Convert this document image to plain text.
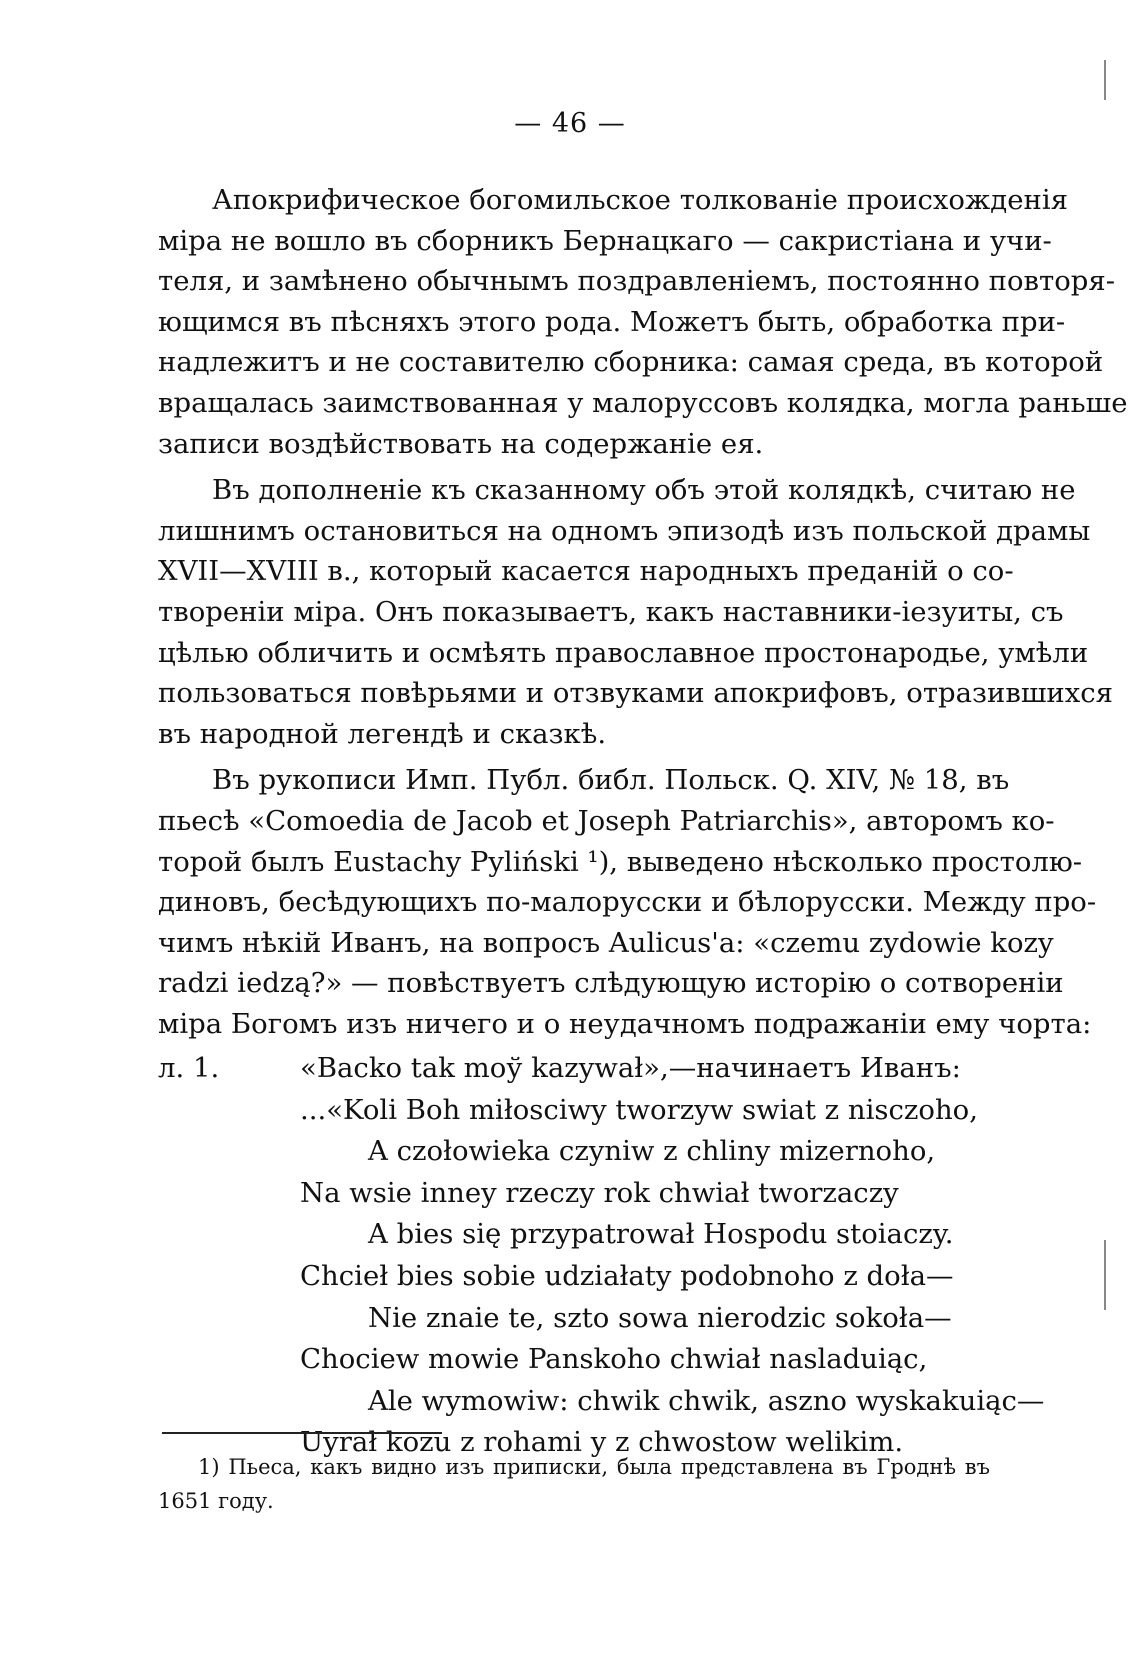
— 46 —
Апокрифическое богомильское толкованіе происхожденія
міра не вошло въ сборникъ Бернацкаго — сакристіана и учи-
теля, и замѣнено обычнымъ поздравленіемъ, постоянно повторя-
ющимся въ пѣсняхъ этого рода. Можетъ быть, обработка при-
надлежитъ и не составителю сборника: самая среда, въ которой
вращалась заимствованная у малоруссовъ колядка, могла раньше
записи воздѣйствовать на содержаніе ея.
Въ дополненіе къ сказанному объ этой колядкѣ, считаю не
лишнимъ остановиться на одномъ эпизодѣ изъ польской драмы
XVII—XVIII в., который касается народныхъ преданій о со-
твореніи міра. Онъ показываетъ, какъ наставники-іезуиты, съ
цѣлью обличить и осмѣять православное простонародье, умѣли
пользоваться повѣрьями и отзвуками апокрифовъ, отразившихся
въ народной легендѣ и сказкѣ.
Въ рукописи Имп. Публ. библ. Польск. Q. XIV, № 18, въ
пьесѣ «Comoedia de Jacob et Joseph Patriarchis», авторомъ ко-
торой былъ Eustachy Pyliński ¹), выведено нѣсколько простолю-
диновъ, бесѣдующихъ по-малорусски и бѣлорусски. Между про-
чимъ нѣкій Иванъ, на вопросъ Aulicus'а: «czemu zydowie kozy
radzi iedzą?» — повѣствуетъ слѣдующую исторію о сотвореніи
міра Богомъ изъ ничего и о неудачномъ подражаніи ему чорта:
л. 1.	«Backo tak moў kazywał»,—начинаетъ Иванъ:
...«Koli Boh miłosciwy tworzyw swiat z nisczoho,
A czołowieka czyniw z chliny mizernoho,
Na wsie inney rzeczy rok chwiał tworzaczy
A bies się przypatrował Hospodu stoiaczy.
Chcieł bies sobie udziałaty podobnoho z doła—
Nie znaie te, szto sowa nierodzic sokoła—
Chociew mowie Panskoho chwiał nasladuiąc,
Ale wymowiw: chwik chwik, aszno wyskakuiąc—
Uyrał kozu z rohami y z chwostow welikim.
1) Пьеса, какъ видно изъ приписки, была представлена въ Гроднѣ въ
1651 году.
